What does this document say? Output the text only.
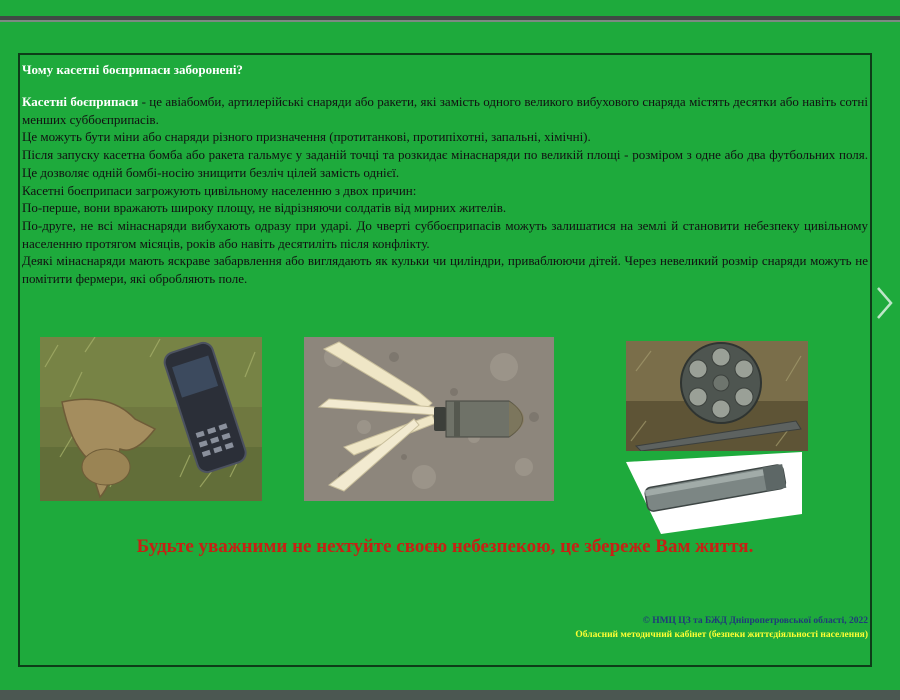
Чому касетні боєприпаси заборонені?

Касетні боєприпаси - це авіабомби, артилерійські снаряди або ракети, які замість одного великого вибухового снаряда містять десятки або навіть сотні менших суббоєприпасів.

Це можуть бути міни або снаряди різного призначення (протитанкові, протипіхотні, запальні, хімічні).

Після запуску касетна бомба або ракета гальмує у заданій точці та розкидає мінаснаряди по великій площі - розміром з одне або два футбольних поля. Це дозволяє одній бомбі-носію знищити безліч цілей замість однієї.

Касетні боєприпаси загрожують цивільному населенню з двох причин:

По-перше, вони вражають широку площу, не відрізняючи солдатів від мирних жителів.

По-друге, не всі мінаснаряди вибухають одразу при ударі. До чверті суббоєприпасів можуть залишатися на землі й становити небезпеку цивільному населенню протягом місяців, років або навіть десятиліть після конфлікту.

Деякі мінаснаряди мають яскраве забарвлення або виглядають як кульки чи циліндри, приваблюючи дітей. Через невеликий розмір снаряди можуть не помітити фермери, які обробляють поле.

Будьте уважними не нехтуйте своєю небезпекою, це збереже Вам життя.
© НМЦ ЦЗ та БЖД Дніпропетровської області, 2022
Обласний методичний кабінет (безпеки життєдіяльності населення)
